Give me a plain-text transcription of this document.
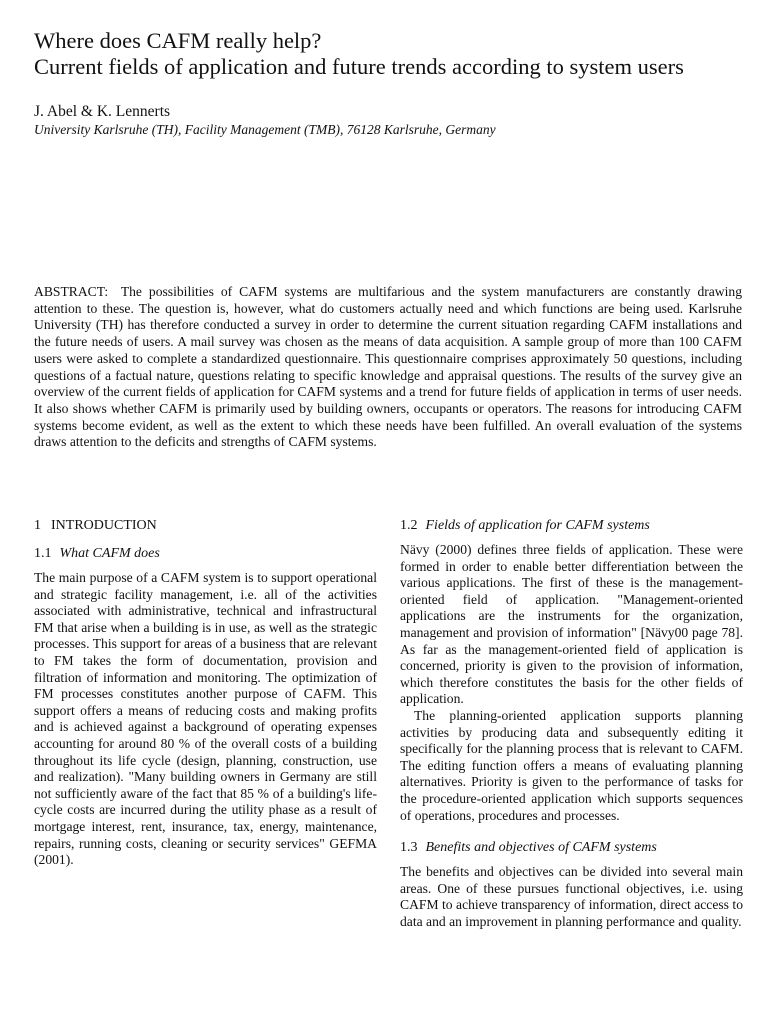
Where does CAFM really help?
Current fields of application and future trends according to system users
J. Abel & K. Lennerts
University Karlsruhe (TH), Facility Management (TMB), 76128 Karlsruhe, Germany
ABSTRACT: The possibilities of CAFM systems are multifarious and the system manufacturers are constantly drawing attention to these. The question is, however, what do customers actually need and which functions are being used. Karlsruhe University (TH) has therefore conducted a survey in order to determine the current situation regarding CAFM installations and the future needs of users. A mail survey was chosen as the means of data acquisition. A sample group of more than 100 CAFM users were asked to complete a standardized questionnaire. This questionnaire comprises approximately 50 questions, including questions of a factual nature, questions relating to specific knowledge and appraisal questions. The results of the survey give an overview of the current fields of application for CAFM systems and a trend for future fields of application in terms of user needs. It also shows whether CAFM is primarily used by building owners, occupants or operators. The reasons for introducing CAFM systems become evident, as well as the extent to which these needs have been fulfilled. An overall evaluation of the systems draws attention to the deficits and strengths of CAFM systems.
1 INTRODUCTION
1.1 What CAFM does

The main purpose of a CAFM system is to support operational and strategic facility management, i.e. all of the activities associated with administrative, technical and infrastructural FM that arise when a building is in use, as well as the strategic processes. This support for areas of a business that are relevant to FM takes the form of documentation, provision and filtration of information and monitoring. The optimization of FM processes constitutes another purpose of CAFM. This support offers a means of reducing costs and making profits and is achieved against a background of operating expenses accounting for around 80 % of the overall costs of a building throughout its life cycle (design, planning, construction, use and realization). "Many building owners in Germany are still not sufficiently aware of the fact that 85 % of a building's life-cycle costs are incurred during the utility phase as a result of mortgage interest, rent, insurance, tax, energy, maintenance, repairs, running costs, cleaning or security services" GEFMA (2001).

1.2 Fields of application for CAFM systems

Nävy (2000) defines three fields of application. These were formed in order to enable better differentiation between the various applications. The first of these is the management-oriented field of application. "Management-oriented applications are the instruments for the organization, management and provision of information" [Nävy00 page 78]. As far as the management-oriented field of application is concerned, priority is given to the provision of information, which therefore constitutes the basis for the other fields of application.

The planning-oriented application supports planning activities by producing data and subsequently editing it specifically for the planning process that is relevant to CAFM. The editing function offers a means of evaluating planning alternatives. Priority is given to the performance of tasks for the procedure-oriented application which supports sequences of operations, procedures and processes.

1.3 Benefits and objectives of CAFM systems

The benefits and objectives can be divided into several main areas. One of these pursues functional objectives, i.e. using CAFM to achieve transparency of information, direct access to data and an improvement in planning performance and quality.
